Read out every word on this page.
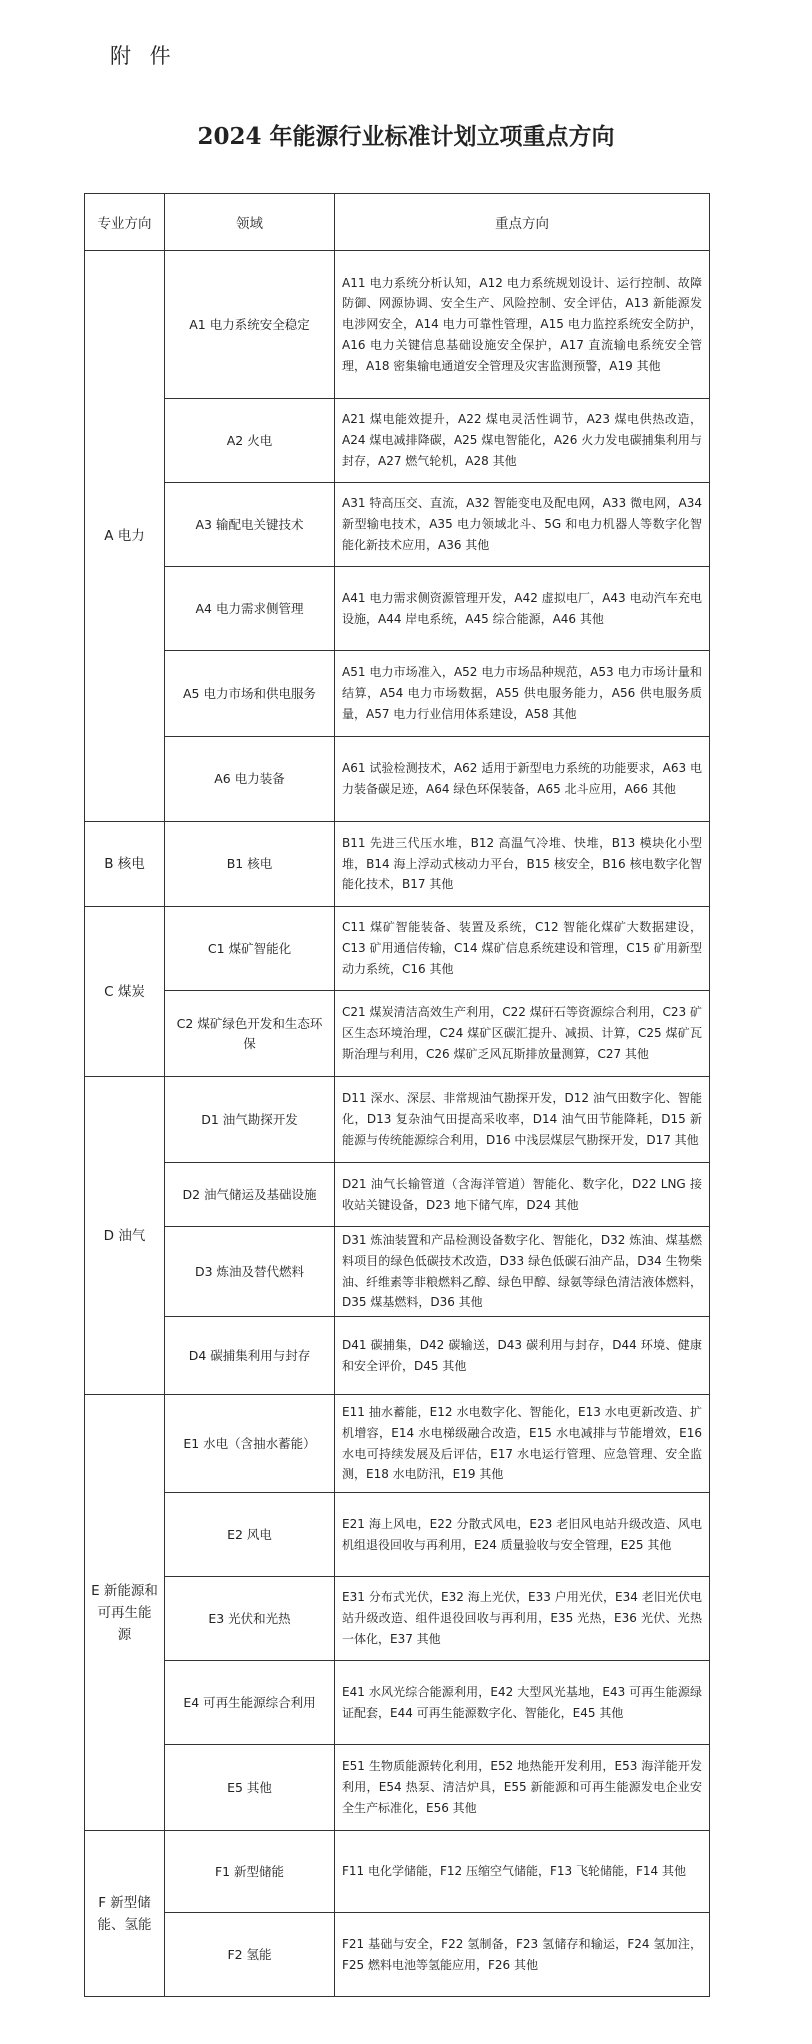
附 件
2024 年能源行业标准计划立项重点方向
专业方向	领域	重点方向
A 电力	A1 电力系统安全稳定	A11 电力系统分析认知，A12 电力系统规划设计、运行控制、故障防御、网源协调、安全生产、风险控制、安全评估，A13 新能源发电涉网安全，A14 电力可靠性管理，A15 电力监控系统安全防护，A16 电力关键信息基础设施安全保护，A17 直流输电系统安全管理，A18 密集输电通道安全管理及灾害监测预警，A19 其他
	A2 火电	A21 煤电能效提升，A22 煤电灵活性调节，A23 煤电供热改造，A24 煤电减排降碳，A25 煤电智能化，A26 火力发电碳捕集利用与封存，A27 燃气轮机，A28 其他
	A3 输配电关键技术	A31 特高压交、直流，A32 智能变电及配电网，A33 微电网，A34 新型输电技术，A35 电力领域北斗、5G 和电力机器人等数字化智能化新技术应用，A36 其他
	A4 电力需求侧管理	A41 电力需求侧资源管理开发，A42 虚拟电厂，A43 电动汽车充电设施，A44 岸电系统，A45 综合能源，A46 其他
	A5 电力市场和供电服务	A51 电力市场准入，A52 电力市场品种规范，A53 电力市场计量和结算，A54 电力市场数据，A55 供电服务能力，A56 供电服务质量，A57 电力行业信用体系建设，A58 其他
	A6 电力装备	A61 试验检测技术，A62 适用于新型电力系统的功能要求，A63 电力装备碳足迹，A64 绿色环保装备，A65 北斗应用，A66 其他
B 核电	B1 核电	B11 先进三代压水堆，B12 高温气冷堆、快堆，B13 模块化小型堆，B14 海上浮动式核动力平台，B15 核安全，B16 核电数字化智能化技术，B17 其他
C 煤炭	C1 煤矿智能化	C11 煤矿智能装备、装置及系统，C12 智能化煤矿大数据建设，C13 矿用通信传输，C14 煤矿信息系统建设和管理，C15 矿用新型动力系统，C16 其他
	C2 煤矿绿色开发和生态环保	C21 煤炭清洁高效生产利用，C22 煤矸石等资源综合利用，C23 矿区生态环境治理，C24 煤矿区碳汇提升、减损、计算，C25 煤矿瓦斯治理与利用，C26 煤矿乏风瓦斯排放量测算，C27 其他
D 油气	D1 油气勘探开发	D11 深水、深层、非常规油气勘探开发，D12 油气田数字化、智能化，D13 复杂油气田提高采收率，D14 油气田节能降耗，D15 新能源与传统能源综合利用，D16 中浅层煤层气勘探开发，D17 其他
	D2 油气储运及基础设施	D21 油气长输管道（含海洋管道）智能化、数字化，D22 LNG 接收站关键设备，D23 地下储气库，D24 其他
	D3 炼油及替代燃料	D31 炼油装置和产品检测设备数字化、智能化，D32 炼油、煤基燃料项目的绿色低碳技术改造，D33 绿色低碳石油产品，D34 生物柴油、纤维素等非粮燃料乙醇、绿色甲醇、绿氨等绿色清洁液体燃料，D35 煤基燃料，D36 其他
	D4 碳捕集利用与封存	D41 碳捕集，D42 碳输送，D43 碳利用与封存，D44 环境、健康和安全评价，D45 其他
E 新能源和可再生能源	E1 水电（含抽水蓄能）	E11 抽水蓄能，E12 水电数字化、智能化，E13 水电更新改造、扩机增容，E14 水电梯级融合改造，E15 水电减排与节能增效，E16 水电可持续发展及后评估，E17 水电运行管理、应急管理、安全监测，E18 水电防汛，E19 其他
	E2 风电	E21 海上风电，E22 分散式风电，E23 老旧风电站升级改造、风电机组退役回收与再利用，E24 质量验收与安全管理，E25 其他
	E3 光伏和光热	E31 分布式光伏，E32 海上光伏，E33 户用光伏，E34 老旧光伏电站升级改造、组件退役回收与再利用，E35 光热，E36 光伏、光热一体化，E37 其他
	E4 可再生能源综合利用	E41 水风光综合能源利用，E42 大型风光基地，E43 可再生能源绿证配套，E44 可再生能源数字化、智能化，E45 其他
	E5 其他	E51 生物质能源转化利用，E52 地热能开发利用，E53 海洋能开发利用，E54 热泵、清洁炉具，E55 新能源和可再生能源发电企业安全生产标准化，E56 其他
F 新型储能、氢能	F1 新型储能	F11 电化学储能，F12 压缩空气储能，F13 飞轮储能，F14 其他
	F2 氢能	F21 基础与安全，F22 氢制备，F23 氢储存和输运，F24 氢加注，F25 燃料电池等氢能应用，F26 其他
